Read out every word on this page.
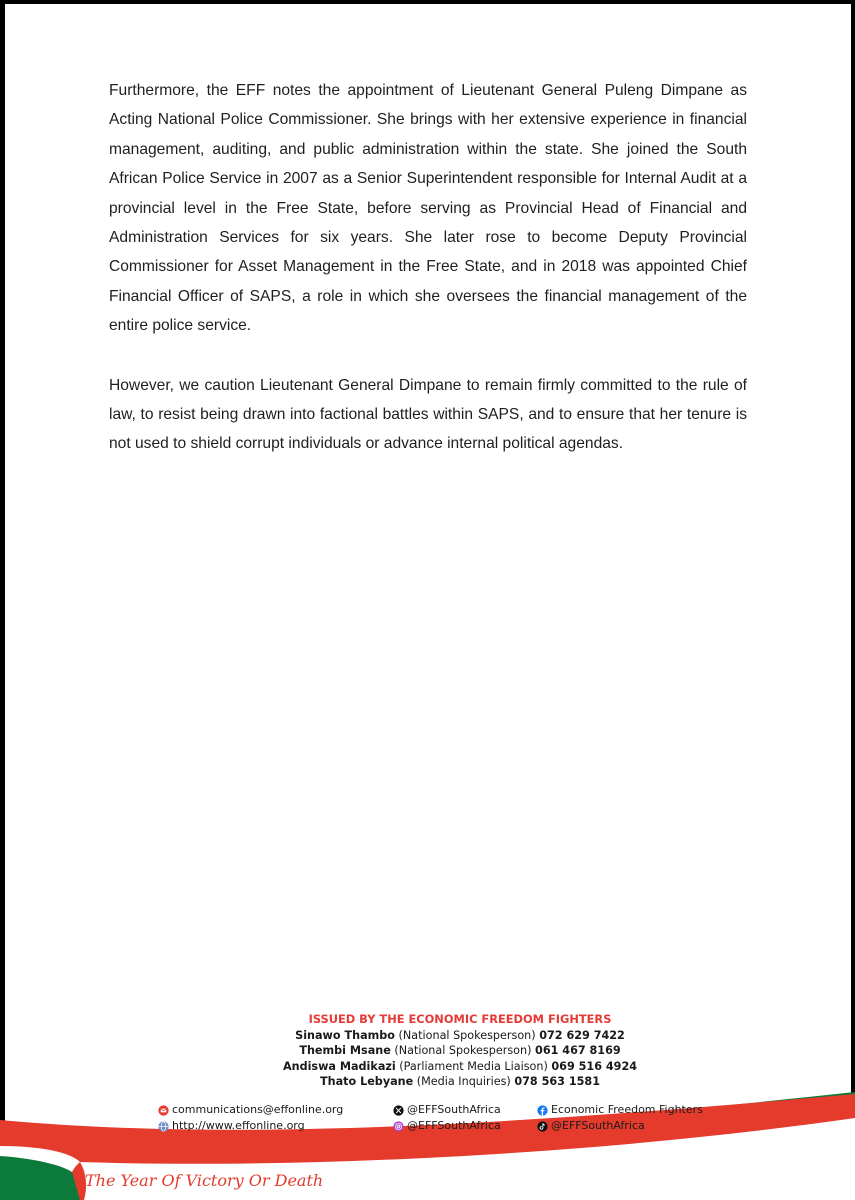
Furthermore, the EFF notes the appointment of Lieutenant General Puleng Dimpane as Acting National Police Commissioner. She brings with her extensive experience in financial management, auditing, and public administration within the state. She joined the South African Police Service in 2007 as a Senior Superintendent responsible for Internal Audit at a provincial level in the Free State, before serving as Provincial Head of Financial and Administration Services for six years. She later rose to become Deputy Provincial Commissioner for Asset Management in the Free State, and in 2018 was appointed Chief Financial Officer of SAPS, a role in which she oversees the financial management of the entire police service.

However, we caution Lieutenant General Dimpane to remain firmly committed to the rule of law, to resist being drawn into factional battles within SAPS, and to ensure that her tenure is not used to shield corrupt individuals or advance internal political agendas.

ISSUED BY THE ECONOMIC FREEDOM FIGHTERS
Sinawo Thambo (National Spokesperson) 072 629 7422
Thembi Msane (National Spokesperson) 061 467 8169
Andiswa Madikazi (Parliament Media Liaison) 069 516 4924
Thato Lebyane (Media Inquiries) 078 563 1581
communications@effonline.org
http://www.effonline.org
@EFFSouthAfrica
@EFFSouthAfrica
Economic Freedom Fighters
@EFFSouthAfrica
The Year Of Victory Or Death
